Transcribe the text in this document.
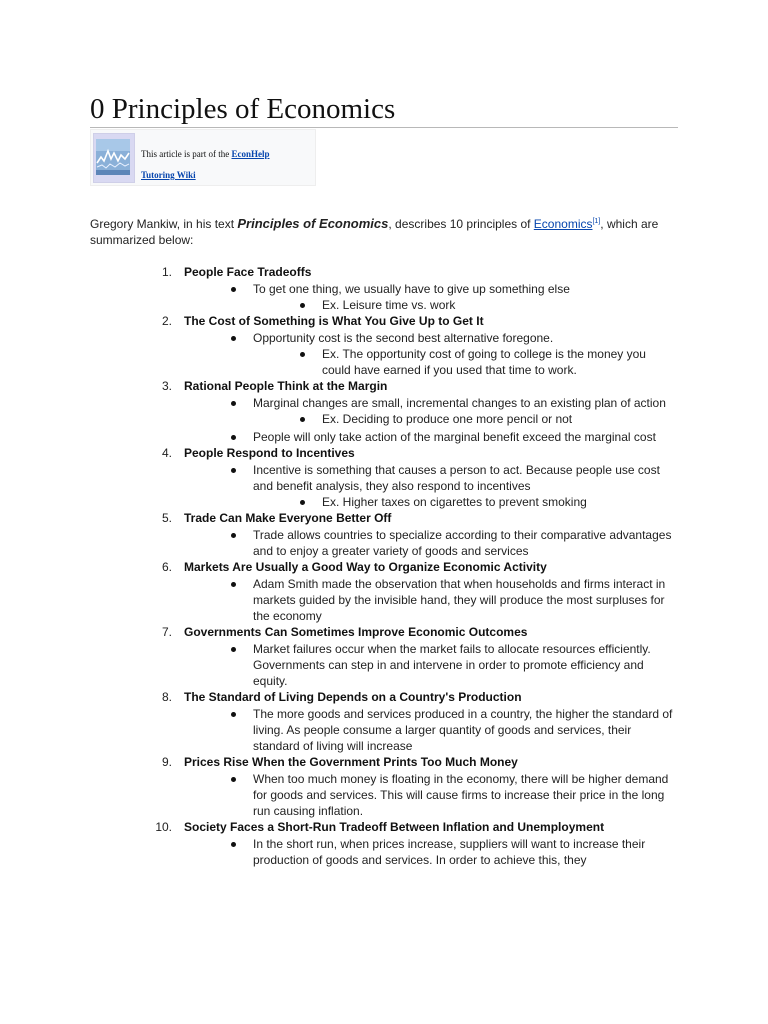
0 Principles of Economics
This article is part of the EconHelp
Tutoring Wiki

Gregory Mankiw, in his text Principles of Economics, describes 10 principles of Economics[1], which are summarized below:

1. People Face Tradeoffs
To get one thing, we usually have to give up something else
Ex. Leisure time vs. work
2. The Cost of Something is What You Give Up to Get It
Opportunity cost is the second best alternative foregone.
Ex. The opportunity cost of going to college is the money you could have earned if you used that time to work.
3. Rational People Think at the Margin
Marginal changes are small, incremental changes to an existing plan of action
Ex. Deciding to produce one more pencil or not
People will only take action of the marginal benefit exceed the marginal cost
4. People Respond to Incentives
Incentive is something that causes a person to act. Because people use cost and benefit analysis, they also respond to incentives
Ex. Higher taxes on cigarettes to prevent smoking
5. Trade Can Make Everyone Better Off
Trade allows countries to specialize according to their comparative advantages and to enjoy a greater variety of goods and services
6. Markets Are Usually a Good Way to Organize Economic Activity
Adam Smith made the observation that when households and firms interact in markets guided by the invisible hand, they will produce the most surpluses for the economy
7. Governments Can Sometimes Improve Economic Outcomes
Market failures occur when the market fails to allocate resources efficiently. Governments can step in and intervene in order to promote efficiency and equity.
8. The Standard of Living Depends on a Country's Production
The more goods and services produced in a country, the higher the standard of living. As people consume a larger quantity of goods and services, their standard of living will increase
9. Prices Rise When the Government Prints Too Much Money
When too much money is floating in the economy, there will be higher demand for goods and services. This will cause firms to increase their price in the long run causing inflation.
10. Society Faces a Short-Run Tradeoff Between Inflation and Unemployment
In the short run, when prices increase, suppliers will want to increase their production of goods and services. In order to achieve this, they
